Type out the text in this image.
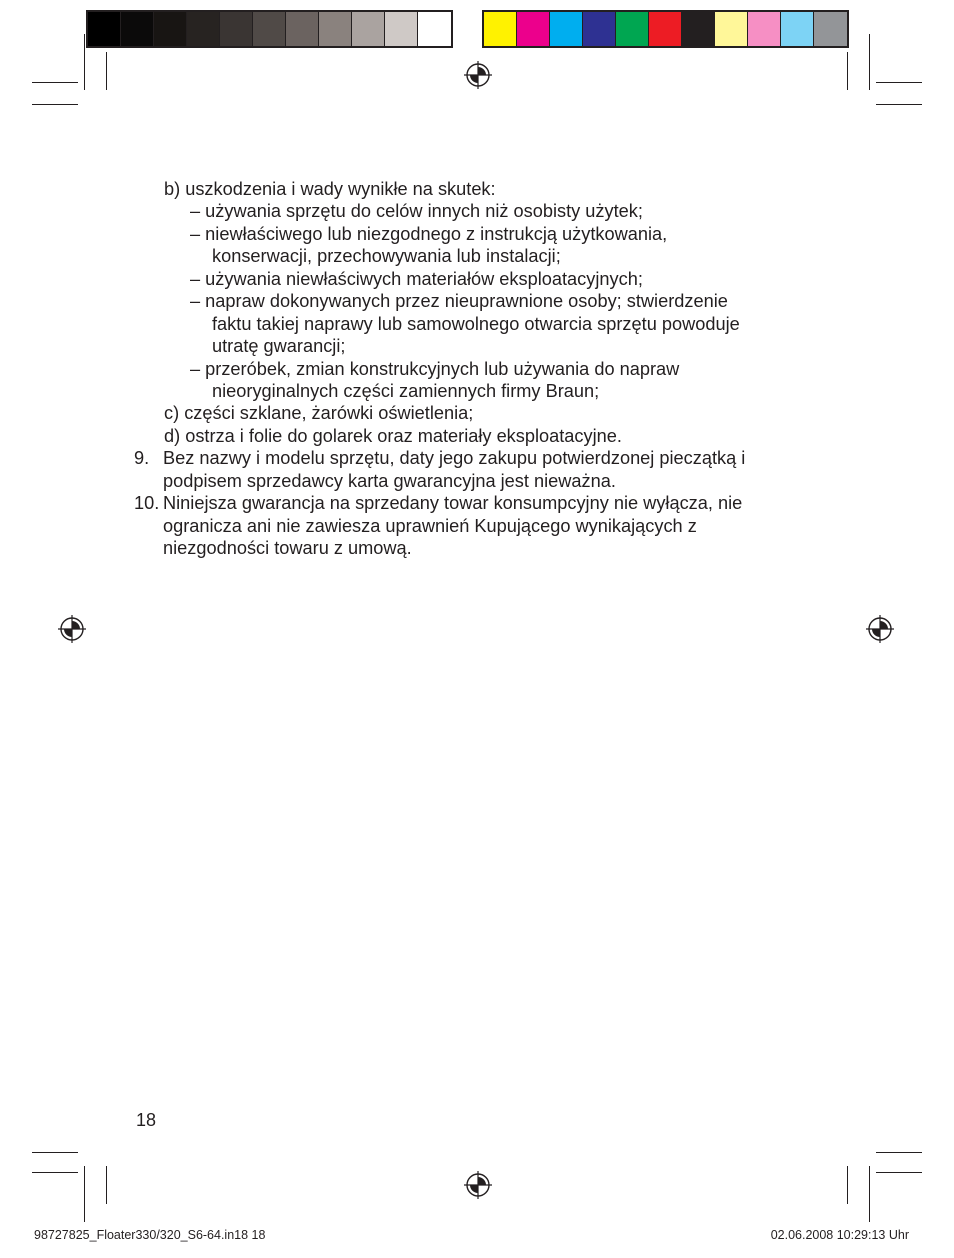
b) uszkodzenia i wady wynikłe na skutek:
– używania sprzętu do celów innych niż osobisty użytek;
– niewłaściwego lub niezgodnego z instrukcją użytkowania,
konserwacji, przechowywania lub instalacji;
– używania niewłaściwych materiałów eksploatacyjnych;
– napraw dokonywanych przez nieuprawnione osoby; stwierdzenie
faktu takiej naprawy lub samowolnego otwarcia sprzętu powoduje
utratę gwarancji;
– przeróbek, zmian konstrukcyjnych lub używania do napraw
nieoryginalnych części zamiennych firmy Braun;
c) części szklane, żarówki oświetlenia;
d) ostrza i folie do golarek oraz materiały eksploatacyjne.
9. Bez nazwy i modelu sprzętu, daty jego zakupu potwierdzonej pieczątką i
podpisem sprzedawcy karta gwarancyjna jest nieważna.
10. Niniejsza gwarancja na sprzedany towar konsumpcyjny nie wyłącza, nie
ogranicza ani nie zawiesza uprawnień Kupującego wynikających z
niezgodności towaru z umową.
18
98727825_Floater330/320_S6-64.in18 18	02.06.2008 10:29:13 Uhr
